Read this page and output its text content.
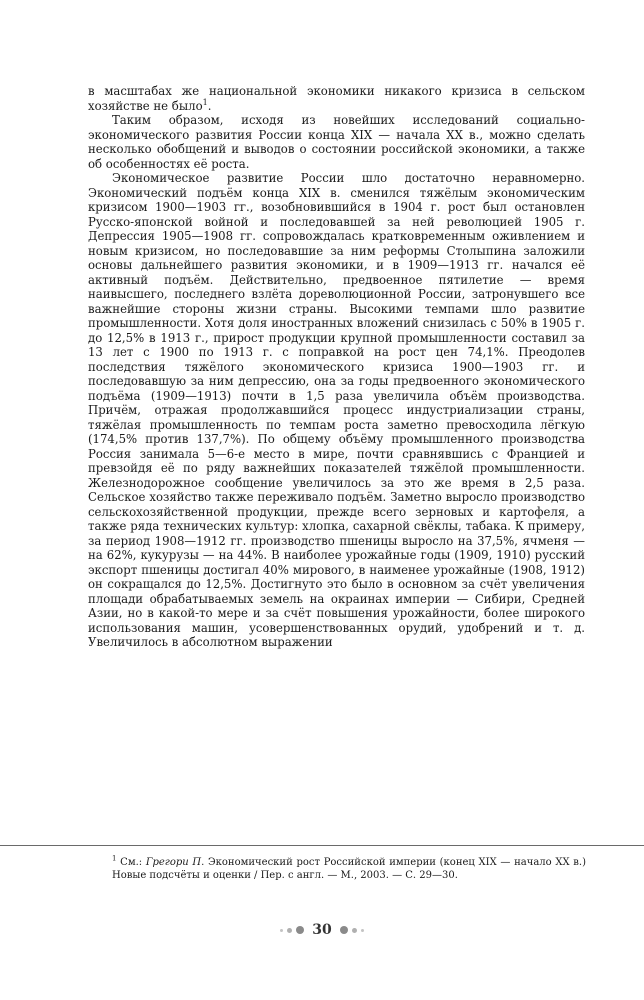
в масштабах же национальной экономики никакого кризиса в сельском хозяйстве не было$^1$.

Таким образом, исходя из новейших исследований социально-экономического развития России конца XIX — начала XX в., можно сделать несколько обобщений и выводов о состоянии российской экономики, а также об особенностях её роста.

Экономическое развитие России шло достаточно неравномерно. Экономический подъём конца XIX в. сменился тяжёлым экономическим кризисом 1900—1903 гг., возобновившийся в 1904 г. рост был остановлен Русско-японской войной и последовавшей за ней революцией 1905 г. Депрессия 1905—1908 гг. сопровождалась кратковременным оживлением и новым кризисом, но последовавшие за ним реформы Столыпина заложили основы дальнейшего развития экономики, и в 1909—1913 гг. начался её активный подъём. Действительно, предвоенное пятилетие — время наивысшего, последнего взлёта дореволюционной России, затронувшего все важнейшие стороны жизни страны. Высокими темпами шло развитие промышленности. Хотя доля иностранных вложений снизилась с 50% в 1905 г. до 12,5% в 1913 г., прирост продукции крупной промышленности составил за 13 лет с 1900 по 1913 г. с поправкой на рост цен 74,1%. Преодолев последствия тяжёлого экономического кризиса 1900—1903 гг. и последовавшую за ним депрессию, она за годы предвоенного экономического подъёма (1909—1913) почти в 1,5 раза увеличила объём производства. Причём, отражая продолжавшийся процесс индустриализации страны, тяжёлая промышленность по темпам роста заметно превосходила лёгкую (174,5% против 137,7%). По общему объёму промышленного производства Россия занимала 5—6-е место в мире, почти сравнявшись с Францией и превзойдя её по ряду важнейших показателей тяжёлой промышленности. Железнодорожное сообщение увеличилось за это же время в 2,5 раза. Сельское хозяйство также переживало подъём. Заметно выросло производство сельскохозяйственной продукции, прежде всего зерновых и картофеля, а также ряда технических культур: хлопка, сахарной свёклы, табака. К примеру, за период 1908—1912 гг. производство пшеницы выросло на 37,5%, ячменя — на 62%, кукурузы — на 44%. В наиболее урожайные годы (1909, 1910) русский экспорт пшеницы достигал 40% мирового, в наименее урожайные (1908, 1912) он сокращался до 12,5%. Достигнуто это было в основном за счёт увеличения площади обрабатываемых земель на окраинах империи — Сибири, Средней Азии, но в какой-то мере и за счёт повышения урожайности, более широкого использования машин, усовершенствованных орудий, удобрений и т. д. Увеличилось в абсолютном выражении

$^1$ См.: Грегори П. Экономический рост Российской империи (конец XIX — начало XX в.) Новые подсчёты и оценки / Пер. с англ. — М., 2003. — С. 29—30.
30
